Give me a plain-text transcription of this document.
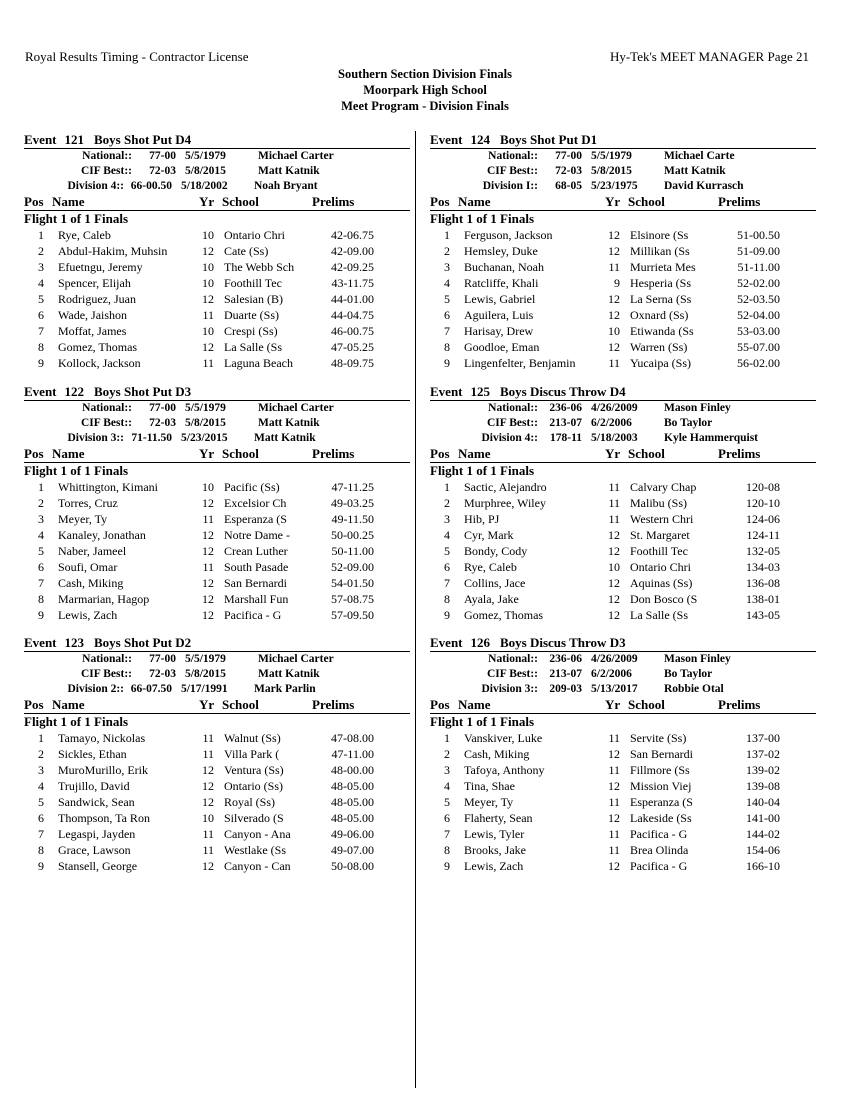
Royal Results Timing - Contractor License	Hy-Tek's MEET MANAGER Page 21
Southern Section Division Finals
Moorpark High School
Meet Program - Division Finals
Event 121 Boys Shot Put D4
National::	77-00 5/5/1979	Michael Carter
CIF Best::	72-03 5/8/2015	Matt Katnik
Division 4:: 66-00.50 5/18/2002	Noah Bryant
Pos Name	Yr School	Prelims
Flight 1 of 1 Finals
1 Rye, Caleb	10 Ontario Chri	42-06.75
2 Abdul-Hakim, Muhsin	12 Cate (Ss)	42-09.00
3 Efuetngu, Jeremy	10 The Webb Sch	42-09.25
4 Spencer, Elijah	10 Foothill Tec	43-11.75
5 Rodriguez, Juan	12 Salesian (B)	44-01.00
6 Wade, Jaishon	11 Duarte (Ss)	44-04.75
7 Moffat, James	10 Crespi (Ss)	46-00.75
8 Gomez, Thomas	12 La Salle (Ss	47-05.25
9 Kollock, Jackson	11 Laguna Beach	48-09.75
Event 122 Boys Shot Put D3
National::	77-00 5/5/1979	Michael Carter
CIF Best::	72-03 5/8/2015	Matt Katnik
Division 3:: 71-11.50 5/23/2015	Matt Katnik
Pos Name	Yr School	Prelims
Flight 1 of 1 Finals
1 Whittington, Kimani	10 Pacific (Ss)	47-11.25
2 Torres, Cruz	12 Excelsior Ch	49-03.25
3 Meyer, Ty	11 Esperanza (S	49-11.50
4 Kanaley, Jonathan	12 Notre Dame -	50-00.25
5 Naber, Jameel	12 Crean Luther	50-11.00
6 Soufi, Omar	11 South Pasade	52-09.00
7 Cash, Miking	12 San Bernardi	54-01.50
8 Marmarian, Hagop	12 Marshall Fun	57-08.75
9 Lewis, Zach	12 Pacifica - G	57-09.50
Event 123 Boys Shot Put D2
National::	77-00 5/5/1979	Michael Carter
CIF Best::	72-03 5/8/2015	Matt Katnik
Division 2:: 66-07.50 5/17/1991	Mark Parlin
Pos Name	Yr School	Prelims
Flight 1 of 1 Finals
1 Tamayo, Nickolas	11 Walnut (Ss)	47-08.00
2 Sickles, Ethan	11 Villa Park (	47-11.00
3 MuroMurillo, Erik	12 Ventura (Ss)	48-00.00
4 Trujillo, David	12 Ontario (Ss)	48-05.00
5 Sandwick, Sean	12 Royal (Ss)	48-05.00
6 Thompson, Ta Ron	10 Silverado (S	48-05.00
7 Legaspi, Jayden	11 Canyon - Ana	49-06.00
8 Grace, Lawson	11 Westlake (Ss	49-07.00
9 Stansell, George	12 Canyon - Can	50-08.00
Event 124 Boys Shot Put D1
National::	77-00 5/5/1979	Michael Carte
CIF Best::	72-03 5/8/2015	Matt Katnik
Division I::	68-05 5/23/1975	David Kurrasch
Pos Name	Yr School	Prelims
Flight 1 of 1 Finals
1 Ferguson, Jackson	12 Elsinore (Ss	51-00.50
2 Hemsley, Duke	12 Millikan (Ss	51-09.00
3 Buchanan, Noah	11 Murrieta Mes	51-11.00
4 Ratcliffe, Khali	9 Hesperia (Ss	52-02.00
5 Lewis, Gabriel	12 La Serna (Ss	52-03.50
6 Aguilera, Luis	12 Oxnard (Ss)	52-04.00
7 Harisay, Drew	10 Etiwanda (Ss	53-03.00
8 Goodloe, Eman	12 Warren (Ss)	55-07.00
9 Lingenfelter, Benjamin	11 Yucaipa (Ss)	56-02.00
Event 125 Boys Discus Throw D4
National:: 236-06 4/26/2009	Mason Finley
CIF Best:: 213-07 6/2/2006	Bo Taylor
Division 4::	178-11 5/18/2003	Kyle Hammerquist
Pos Name	Yr School	Prelims
Flight 1 of 1 Finals
1 Sactic, Alejandro	11 Calvary Chap	120-08
2 Murphree, Wiley	11 Malibu (Ss)	120-10
3 Hib, PJ	11 Western Chri	124-06
4 Cyr, Mark	12 St. Margaret	124-11
5 Bondy, Cody	12 Foothill Tec	132-05
6 Rye, Caleb	10 Ontario Chri	134-03
7 Collins, Jace	12 Aquinas (Ss)	136-08
8 Ayala, Jake	12 Don Bosco (S	138-01
9 Gomez, Thomas	12 La Salle (Ss	143-05
Event 126 Boys Discus Throw D3
National:: 236-06 4/26/2009	Mason Finley
CIF Best:: 213-07 6/2/2006	Bo Taylor
Division 3:: 209-03 5/13/2017	Robbie Otal
Pos Name	Yr School	Prelims
Flight 1 of 1 Finals
1 Vanskiver, Luke	11 Servite (Ss)	137-00
2 Cash, Miking	12 San Bernardi	137-02
3 Tafoya, Anthony	11 Fillmore (Ss	139-02
4 Tina, Shae	12 Mission Viej	139-08
5 Meyer, Ty	11 Esperanza (S	140-04
6 Flaherty, Sean	12 Lakeside (Ss	141-00
7 Lewis, Tyler	11 Pacifica - G	144-02
8 Brooks, Jake	11 Brea Olinda	154-06
9 Lewis, Zach	12 Pacifica - G	166-10
